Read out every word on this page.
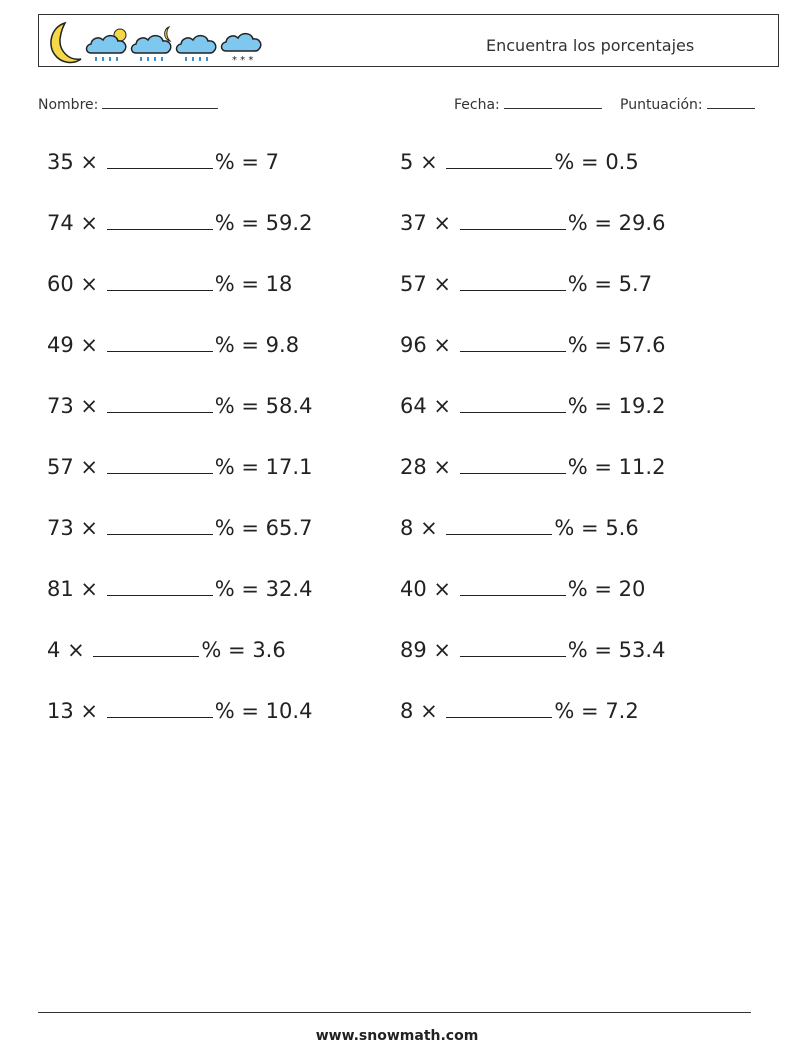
* * *
Encuentra los porcentajes
Nombre:	Fecha:	Puntuación:
35 ×	% = 7	5 ×	% = 0.5
74 ×	% = 59.2	37 ×	% = 29.6
60 ×	% = 18	57 ×	% = 5.7
49 ×	% = 9.8	96 ×	% = 57.6
73 ×	% = 58.4	64 ×	% = 19.2
57 ×	% = 17.1	28 ×	% = 11.2
73 ×	% = 65.7	8 ×	% = 5.6
81 ×	% = 32.4	40 ×	% = 20
4 ×	% = 3.6	89 ×	% = 53.4
13 ×	% = 10.4	8 ×	% = 7.2
www.snowmath.com
